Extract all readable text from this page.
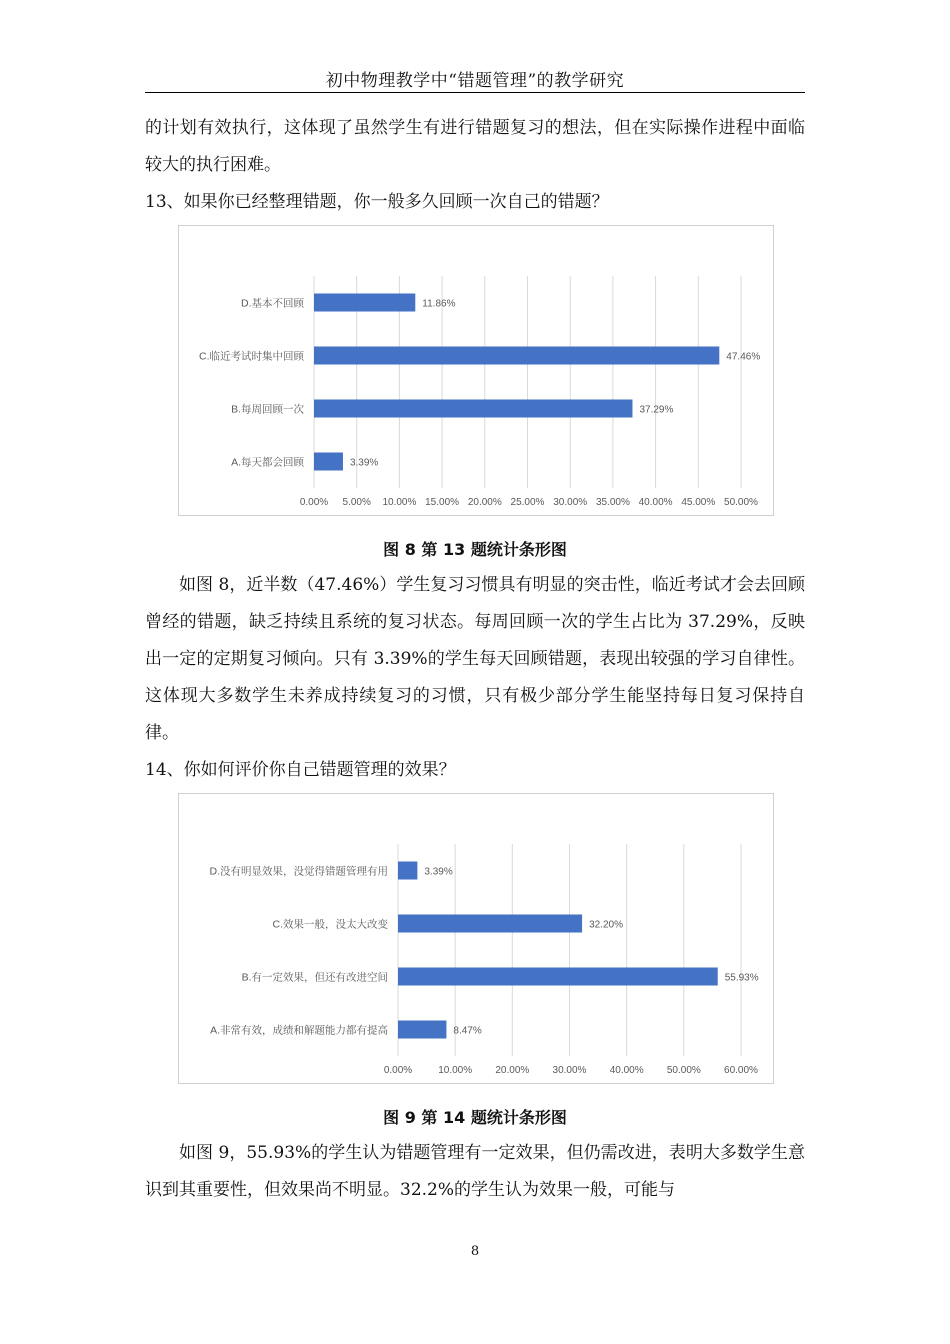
初中物理教学中“错题管理”的教学研究

的计划有效执行，这体现了虽然学生有进行错题复习的想法，但在实际操作进程中面临较大的执行困难。

13、如果你已经整理错题，你一般多久回顾一次自己的错题？
0.00% 5.00% 10.00% 15.00% 20.00% 25.00% 30.00% 35.00% 40.00% 45.00% 50.00%
3.39%
A.每天都会回顾
37.29%
B.每周回顾一次
47.46%
C.临近考试时集中回顾
11.86%
D.基本不回顾
图 8 第 13 题统计条形图

如图 8，近半数（47.46%）学生复习习惯具有明显的突击性，临近考试才会去回顾曾经的错题，缺乏持续且系统的复习状态。每周回顾一次的学生占比为 37.29%，反映出一定的定期复习倾向。只有 3.39%的学生每天回顾错题，表现出较强的学习自律性。这体现大多数学生未养成持续复习的习惯，只有极少部分学生能坚持每日复习保持自律。

14、你如何评价你自己错题管理的效果？
0.00%	10.00% 20.00% 30.00% 40.00% 50.00% 60.00%
8.47%
A.非常有效，成绩和解题能力都有提高
55.93%
B.有一定效果，但还有改进空间
32.20%
C.效果一般，没太大改变
3.39%
D.没有明显效果，没觉得错题管理有用
图 9 第 14 题统计条形图

如图 9，55.93%的学生认为错题管理有一定效果，但仍需改进，表明大多数学生意识到其重要性，但效果尚不明显。32.2%的学生认为效果一般，可能与

8
